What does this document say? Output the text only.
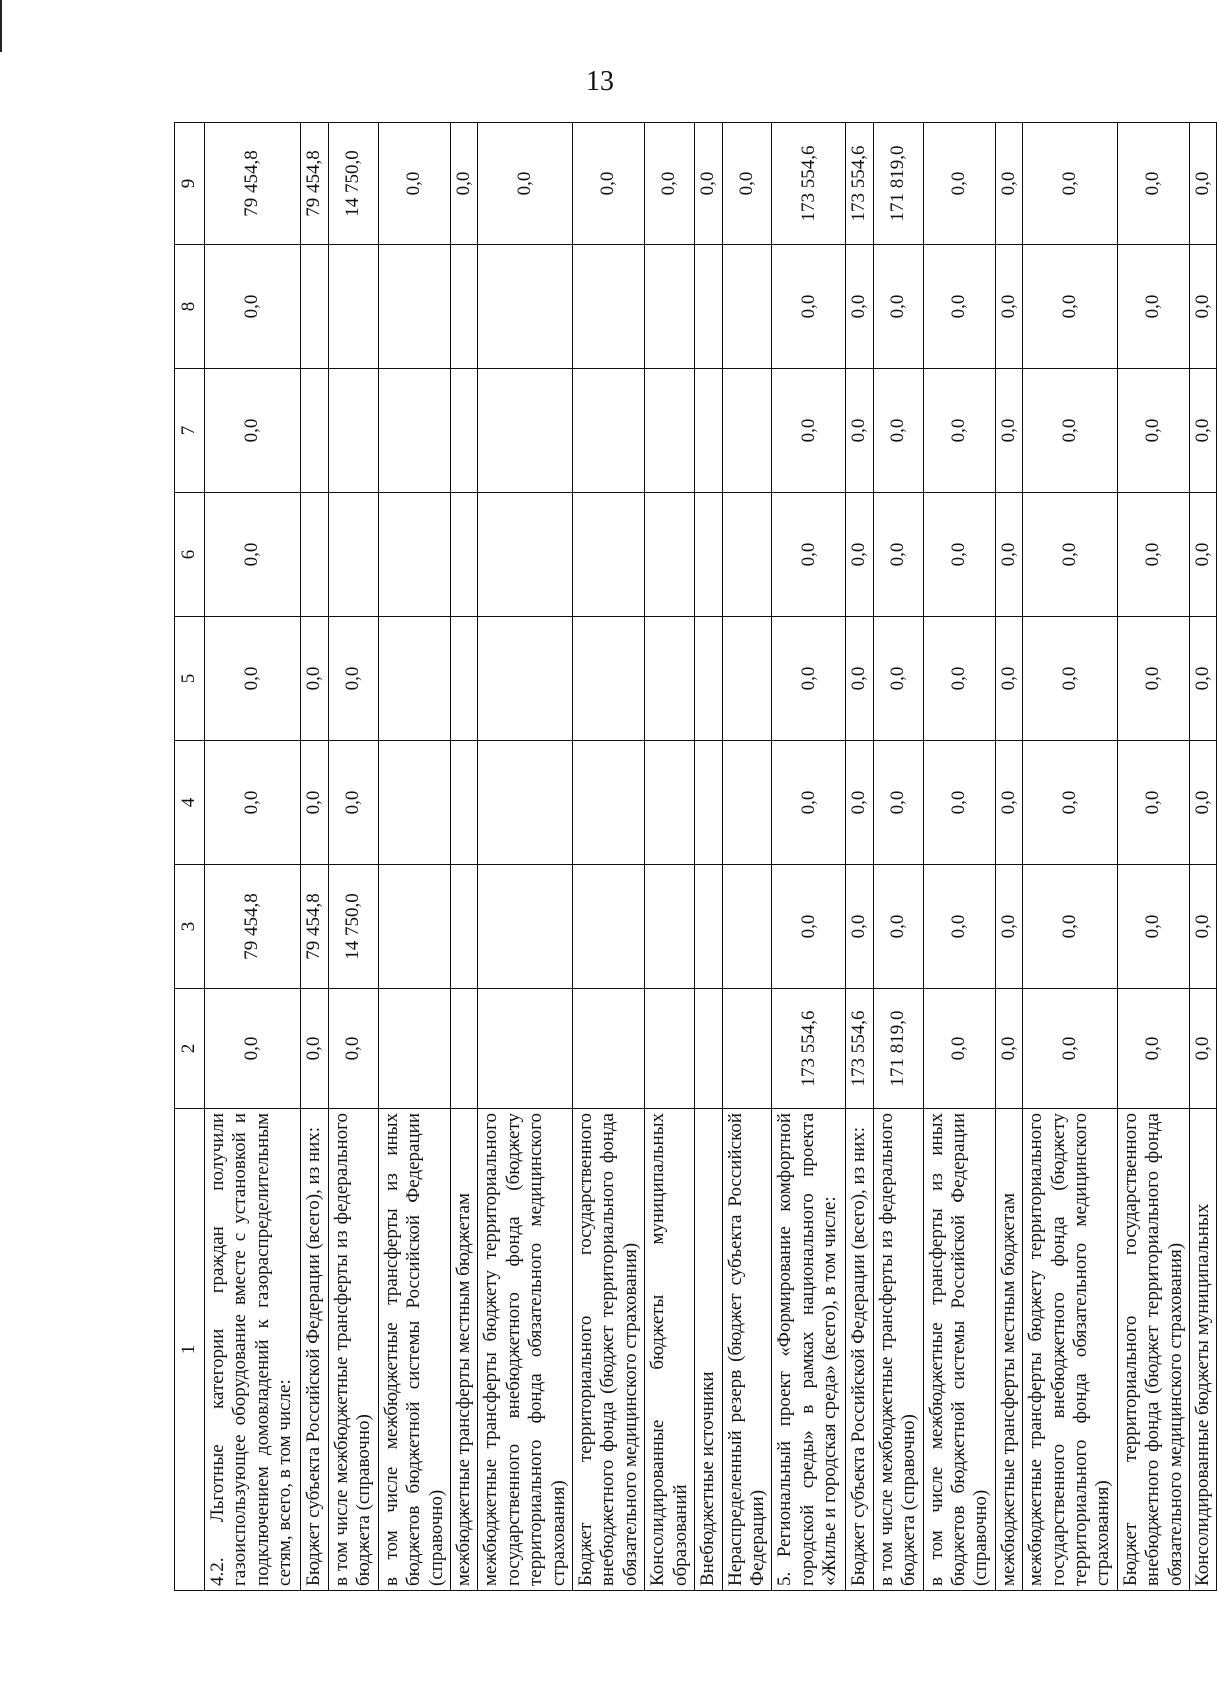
13
1	2	3	4	5	6	7	8	9
4.2. Льготные категории граждан получили газоиспользующее оборудование вместе с установкой и подключением домовладений к газораспределительным сетям, всего, в том числе:	0,0	79 454,8	0,0	0,0	0,0	0,0	0,0	79 454,8
Бюджет субъекта Российской Федерации (всего), из них:	0,0	79 454,8	0,0	0,0				79 454,8
в том числе межбюджетные трансферты из федерального бюджета (справочно)	0,0	14 750,0	0,0	0,0				14 750,0
в том числе межбюджетные трансферты из иных бюджетов бюджетной системы Российской Федерации (справочно)								0,0
межбюджетные трансферты местным бюджетам								0,0
межбюджетные трансферты бюджету территориального государственного внебюджетного фонда (бюджету территориального фонда обязательного медицинского страхования)								0,0
Бюджет территориального государственного внебюджетного фонда (бюджет территориального фонда обязательного медицинского страхования)								0,0
Консолидированные бюджеты муниципальных образований								0,0
Внебюджетные источники								0,0
Нераспределенный резерв (бюджет субъекта Российской Федерации)								0,0
5. Региональный проект «Формирование комфортной городской среды» в рамках национального проекта «Жилье и городская среда» (всего), в том числе:	173 554,6	0,0	0,0	0,0	0,0	0,0	0,0	173 554,6
Бюджет субъекта Российской Федерации (всего), из них:	173 554,6	0,0	0,0	0,0	0,0	0,0	0,0	173 554,6
в том числе межбюджетные трансферты из федерального бюджета (справочно)	171 819,0	0,0	0,0	0,0	0,0	0,0	0,0	171 819,0
в том числе межбюджетные трансферты из иных бюджетов бюджетной системы Российской Федерации (справочно)	0,0	0,0	0,0	0,0	0,0	0,0	0,0	0,0
межбюджетные трансферты местным бюджетам	0,0	0,0	0,0	0,0	0,0	0,0	0,0	0,0
межбюджетные трансферты бюджету территориального государственного внебюджетного фонда (бюджету территориального фонда обязательного медицинского страхования)	0,0	0,0	0,0	0,0	0,0	0,0	0,0	0,0
Бюджет территориального государственного внебюджетного фонда (бюджет территориального фонда обязательного медицинского страхования)	0,0	0,0	0,0	0,0	0,0	0,0	0,0	0,0
Консолидированные бюджеты муниципальных	0,0	0,0	0,0	0,0	0,0	0,0	0,0	0,0
